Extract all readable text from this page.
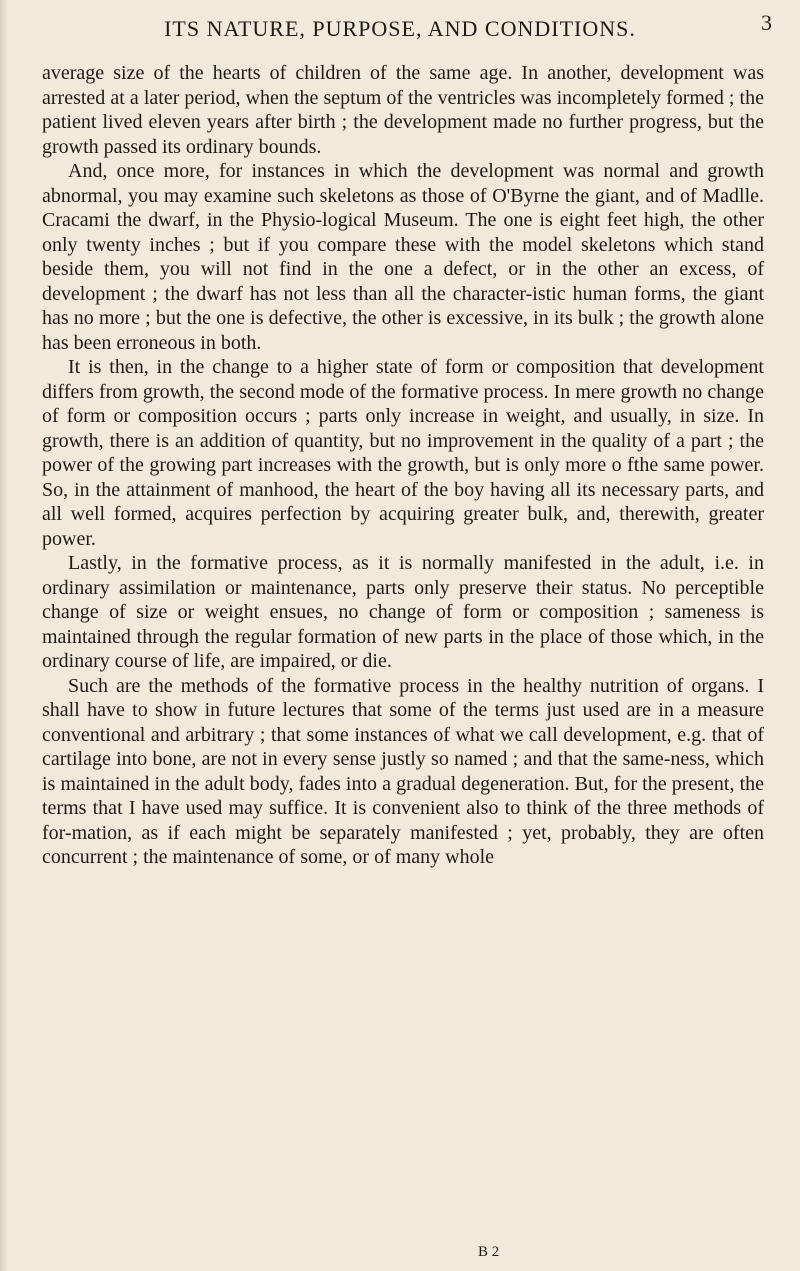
ITS NATURE, PURPOSE, AND CONDITIONS.	3

average size of the hearts of children of the same age. In another, development was arrested at a later period, when the septum of the ventricles was incompletely formed ; the patient lived eleven years after birth ; the development made no further progress, but the growth passed its ordinary bounds.

And, once more, for instances in which the development was normal and growth abnormal, you may examine such skeletons as those of O'Byrne the giant, and of Madlle. Cracami the dwarf, in the Physio-logical Museum. The one is eight feet high, the other only twenty inches ; but if you compare these with the model skeletons which stand beside them, you will not find in the one a defect, or in the other an excess, of development ; the dwarf has not less than all the character-istic human forms, the giant has no more ; but the one is defective, the other is excessive, in its bulk ; the growth alone has been erroneous in both.

It is then, in the change to a higher state of form or composition that development differs from growth, the second mode of the formative process. In mere growth no change of form or composition occurs ; parts only increase in weight, and usually, in size. In growth, there is an addition of quantity, but no improvement in the quality of a part ; the power of the growing part increases with the growth, but is only more o fthe same power. So, in the attainment of manhood, the heart of the boy having all its necessary parts, and all well formed, acquires perfection by acquiring greater bulk, and, therewith, greater power.

Lastly, in the formative process, as it is normally manifested in the adult, i.e. in ordinary assimilation or maintenance, parts only preserve their status. No perceptible change of size or weight ensues, no change of form or composition ; sameness is maintained through the regular formation of new parts in the place of those which, in the ordinary course of life, are impaired, or die.

Such are the methods of the formative process in the healthy nutrition of organs. I shall have to show in future lectures that some of the terms just used are in a measure conventional and arbitrary ; that some instances of what we call development, e.g. that of cartilage into bone, are not in every sense justly so named ; and that the same-ness, which is maintained in the adult body, fades into a gradual degeneration. But, for the present, the terms that I have used may suffice. It is convenient also to think of the three methods of for-mation, as if each might be separately manifested ; yet, probably, they are often concurrent ; the maintenance of some, or of many whole

B 2
